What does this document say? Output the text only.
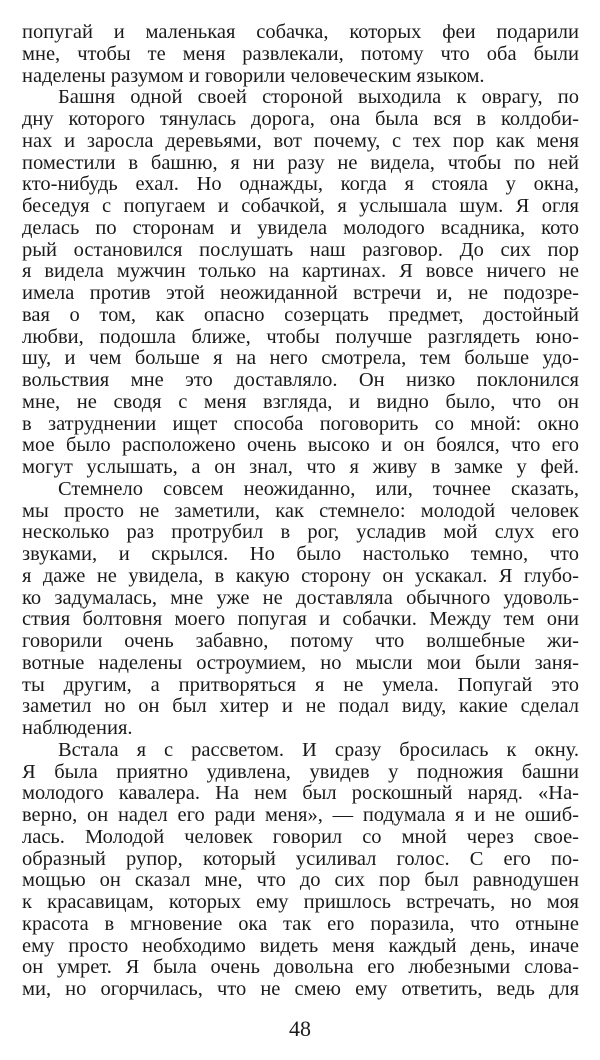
попугай и маленькая собачка, которых феи подарили
мне, чтобы те меня развлекали, потому что оба были
наделены разумом и говорили человеческим языком.
Башня одной своей стороной выходила к оврагу, по
дну которого тянулась дорога, она была вся в колдоби-
нах и заросла деревьями, вот почему, с тех пор как меня
поместили в башню, я ни разу не видела, чтобы по ней
кто-нибудь ехал. Но однажды, когда я стояла у окна,
беседуя с попугаем и собачкой, я услышала шум. Я огля
делась по сторонам и увидела молодого всадника, кото
рый остановился послушать наш разговор. До сих пор
я видела мужчин только на картинах. Я вовсе ничего не
имела против этой неожиданной встречи и, не подозре-
вая о том, как опасно созерцать предмет, достойный
любви, подошла ближе, чтобы получше разглядеть юно-
шу, и чем больше я на него смотрела, тем больше удо-
вольствия мне это доставляло. Он низко поклонился
мне, не сводя с меня взгляда, и видно было, что он
в затруднении ищет способа поговорить со мной: окно
мое было расположено очень высоко и он боялся, что его
могут услышать, а он знал, что я живу в замке у фей.
Стемнело совсем неожиданно, или, точнее сказать,
мы просто не заметили, как стемнело: молодой человек
несколько раз протрубил в рог, усладив мой слух его
звуками, и скрылся. Но было настолько темно, что
я даже не увидела, в какую сторону он ускакал. Я глубо-
ко задумалась, мне уже не доставляла обычного удоволь-
ствия болтовня моего попугая и собачки. Между тем они
говорили очень забавно, потому что волшебные жи-
вотные наделены остроумием, но мысли мои были заня-
ты другим, а притворяться я не умела. Попугай это
заметил но он был хитер и не подал виду, какие сделал
наблюдения.
Встала я с рассветом. И сразу бросилась к окну.
Я была приятно удивлена, увидев у подножия башни
молодого кавалера. На нем был роскошный наряд. «На-
верно, он надел его ради меня», — подумала я и не ошиб-
лась. Молодой человек говорил со мной через свое-
образный рупор, который усиливал голос. С его по-
мощью он сказал мне, что до сих пор был равнодушен
к красавицам, которых ему пришлось встречать, но моя
красота в мгновение ока так его поразила, что отныне
ему просто необходимо видеть меня каждый день, иначе
он умрет. Я была очень довольна его любезными слова-
ми, но огорчилась, что не смею ему ответить, ведь для
48
